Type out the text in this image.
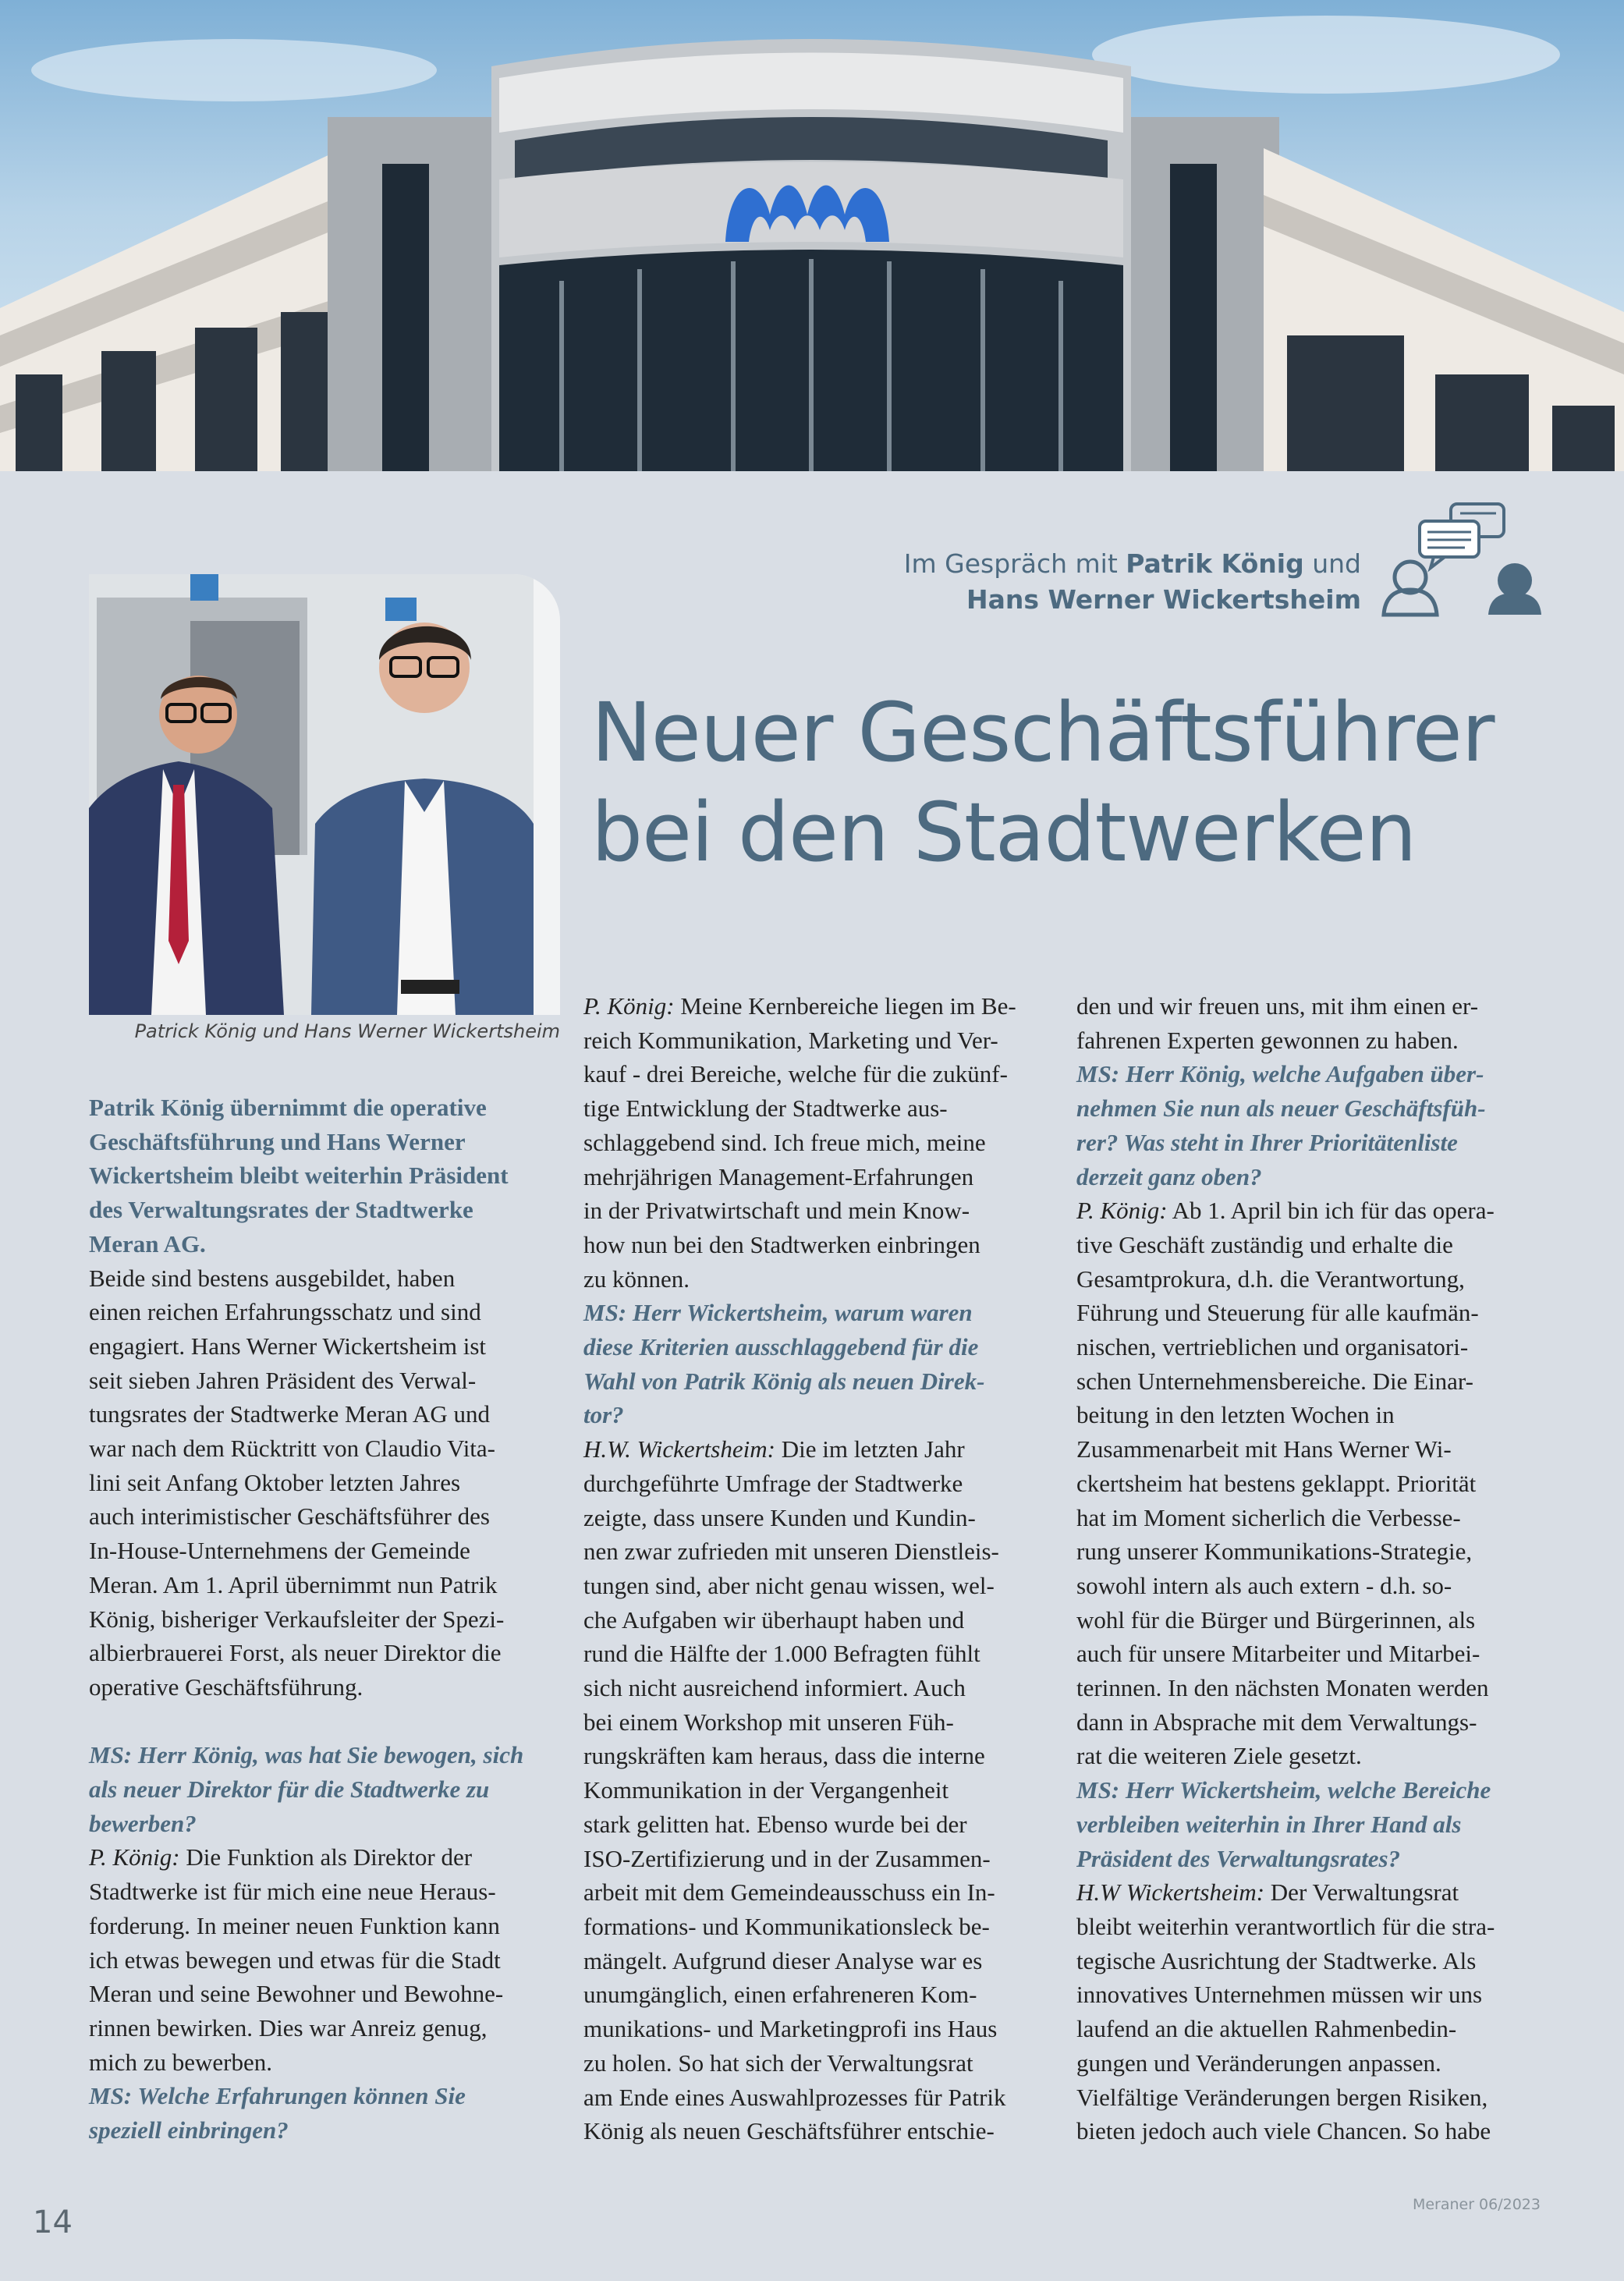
Im Gespräch mit Patrik König und
Hans Werner Wickertsheim
Patrick König und Hans Werner Wickertsheim
Neuer Geschäftsführer
bei den Stadtwerken
Patrik König übernimmt die operative
Geschäftsführung und Hans Werner
Wickertsheim bleibt weiterhin Präsident
des Verwaltungsrates der Stadtwerke
Meran AG.
Beide sind bestens ausgebildet, haben
einen reichen Erfahrungsschatz und sind
engagiert. Hans Werner Wickertsheim ist
seit sieben Jahren Präsident des Verwal-
tungsrates der Stadtwerke Meran AG und
war nach dem Rücktritt von Claudio Vita-
lini seit Anfang Oktober letzten Jahres
auch interimistischer Geschäftsführer des
In-House-Unternehmens der Gemeinde
Meran. Am 1. April übernimmt nun Patrik
König, bisheriger Verkaufsleiter der Spezi-
albierbrauerei Forst, als neuer Direktor die
operative Geschäftsführung.
MS: Herr König, was hat Sie bewogen, sich
als neuer Direktor für die Stadtwerke zu
bewerben?
P. König: Die Funktion als Direktor der
Stadtwerke ist für mich eine neue Heraus-
forderung. In meiner neuen Funktion kann
ich etwas bewegen und etwas für die Stadt
Meran und seine Bewohner und Bewohne-
rinnen bewirken. Dies war Anreiz genug,
mich zu bewerben.
MS: Welche Erfahrungen können Sie
speziell einbringen?
P. König: Meine Kernbereiche liegen im Be-
reich Kommunikation, Marketing und Ver-
kauf - drei Bereiche, welche für die zukünf-
tige Entwicklung der Stadtwerke aus-
schlaggebend sind. Ich freue mich, meine
mehrjährigen Management-Erfahrungen
in der Privatwirtschaft und mein Know-
how nun bei den Stadtwerken einbringen
zu können.
MS: Herr Wickertsheim, warum waren
diese Kriterien ausschlaggebend für die
Wahl von Patrik König als neuen Direk-
tor?
H.W. Wickertsheim: Die im letzten Jahr
durchgeführte Umfrage der Stadtwerke
zeigte, dass unsere Kunden und Kundin-
nen zwar zufrieden mit unseren Dienstleis-
tungen sind, aber nicht genau wissen, wel-
che Aufgaben wir überhaupt haben und
rund die Hälfte der 1.000 Befragten fühlt
sich nicht ausreichend informiert. Auch
bei einem Workshop mit unseren Füh-
rungskräften kam heraus, dass die interne
Kommunikation in der Vergangenheit
stark gelitten hat. Ebenso wurde bei der
ISO-Zertifizierung und in der Zusammen-
arbeit mit dem Gemeindeausschuss ein In-
formations- und Kommunikationsleck be-
mängelt. Aufgrund dieser Analyse war es
unumgänglich, einen erfahreneren Kom-
munikations- und Marketingprofi ins Haus
zu holen. So hat sich der Verwaltungsrat
am Ende eines Auswahlprozesses für Patrik
König als neuen Geschäftsführer entschie-
den und wir freuen uns, mit ihm einen er-
fahrenen Experten gewonnen zu haben.
MS: Herr König, welche Aufgaben über-
nehmen Sie nun als neuer Geschäftsfüh-
rer? Was steht in Ihrer Prioritätenliste
derzeit ganz oben?
P. König: Ab 1. April bin ich für das opera-
tive Geschäft zuständig und erhalte die
Gesamtprokura, d.h. die Verantwortung,
Führung und Steuerung für alle kaufmän-
nischen, vertrieblichen und organisatori-
schen Unternehmensbereiche. Die Einar-
beitung in den letzten Wochen in
Zusammenarbeit mit Hans Werner Wi-
ckertsheim hat bestens geklappt. Priorität
hat im Moment sicherlich die Verbesse-
rung unserer Kommunikations-Strategie,
sowohl intern als auch extern - d.h. so-
wohl für die Bürger und Bürgerinnen, als
auch für unsere Mitarbeiter und Mitarbei-
terinnen. In den nächsten Monaten werden
dann in Absprache mit dem Verwaltungs-
rat die weiteren Ziele gesetzt.
MS: Herr Wickertsheim, welche Bereiche
verbleiben weiterhin in Ihrer Hand als
Präsident des Verwaltungsrates?
H.W Wickertsheim: Der Verwaltungsrat
bleibt weiterhin verantwortlich für die stra-
tegische Ausrichtung der Stadtwerke. Als
innovatives Unternehmen müssen wir uns
laufend an die aktuellen Rahmenbedin-
gungen und Veränderungen anpassen.
Vielfältige Veränderungen bergen Risiken,
bieten jedoch auch viele Chancen. So habe
14	Meraner 06/2023
